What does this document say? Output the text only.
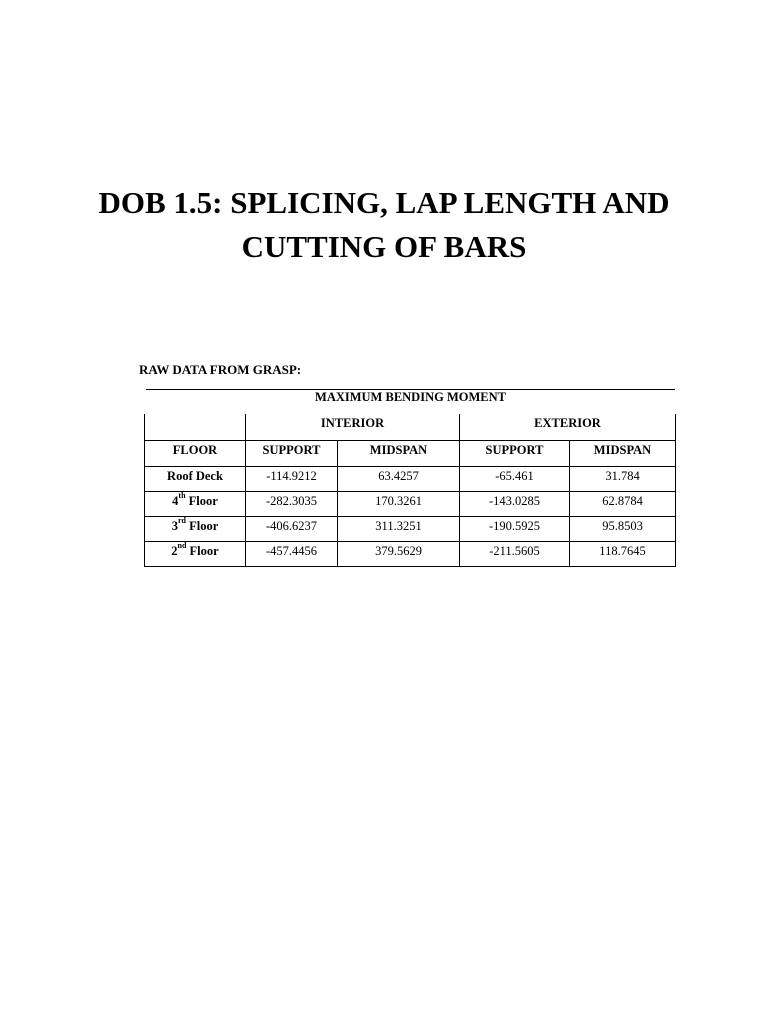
DOB 1.5: SPLICING, LAP LENGTH AND CUTTING OF BARS
RAW DATA FROM GRASP:
MAXIMUM BENDING MOMENT
	INTERIOR		EXTERIOR	
FLOOR	SUPPORT	MIDSPAN	SUPPORT	MIDSPAN
Roof Deck	-114.9212	63.4257	-65.461	31.784
4th Floor	-282.3035	170.3261	-143.0285	62.8784
3rd Floor	-406.6237	311.3251	-190.5925	95.8503
2nd Floor	-457.4456	379.5629	-211.5605	118.7645
